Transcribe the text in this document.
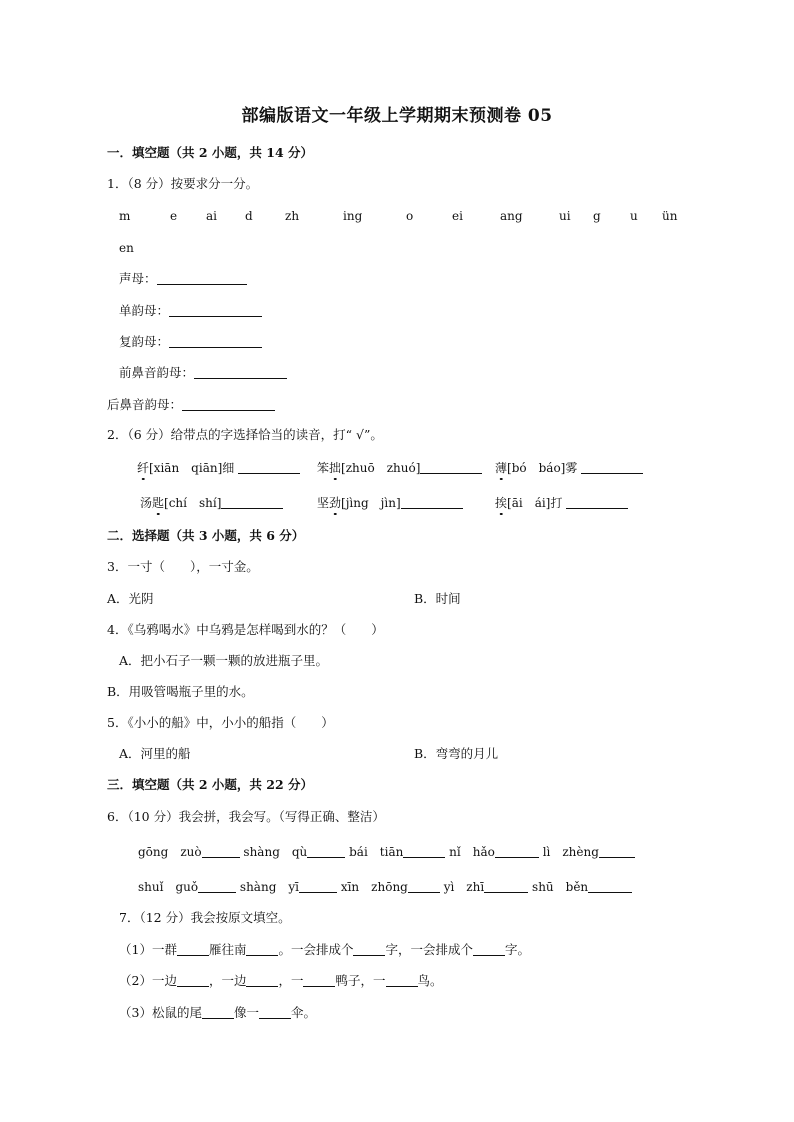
部编版语文一年级上学期期末预测卷 05
一．填空题（共 2 小题，共 14 分）
1．（8 分）按要求分一分。
m	e ai d	zh	ing	o	ei	ang	ui g u ün
en
声母：
单韵母：
复韵母：
前鼻音韵母：
后鼻音韵母：
2．（6 分）给带点的字选择恰当的读音，打“ √”。
纤[xiān　qiān]细	笨拙[zhuō　zhuó]	薄[bó　báo]雾
汤匙[chí　shí]	坚劲[jìng　jìn]	挨[āi　ái]打
二．选择题（共 3 小题，共 6 分）
3．一寸（　　），一寸金。
A．光阴	B．时间
4．《乌鸦喝水》中乌鸦是怎样喝到水的？（　　）
A．把小石子一颗一颗的放进瓶子里。
B．用吸管喝瓶子里的水。
5．《小小的船》中，小小的船指（　　）
A．河里的船	B．弯弯的月儿
三．填空题（共 2 小题，共 22 分）
6．（10 分）我会拼，我会写。（写得正确、整洁）
gōng　zuò	shàng　qù	bái　tiān	nǐ　hǎo	lì　zhèng
shuǐ　guǒ	shàng　yī	xīn　zhōng	yì　zhī	shū　běn
7．（12 分）我会按原文填空。
（1）一群	雁往南	。一会排成个	字，一会排成个	字。
（2）一边	，一边	，一	鸭子，一	鸟。
（3）松鼠的尾	像一	伞。
